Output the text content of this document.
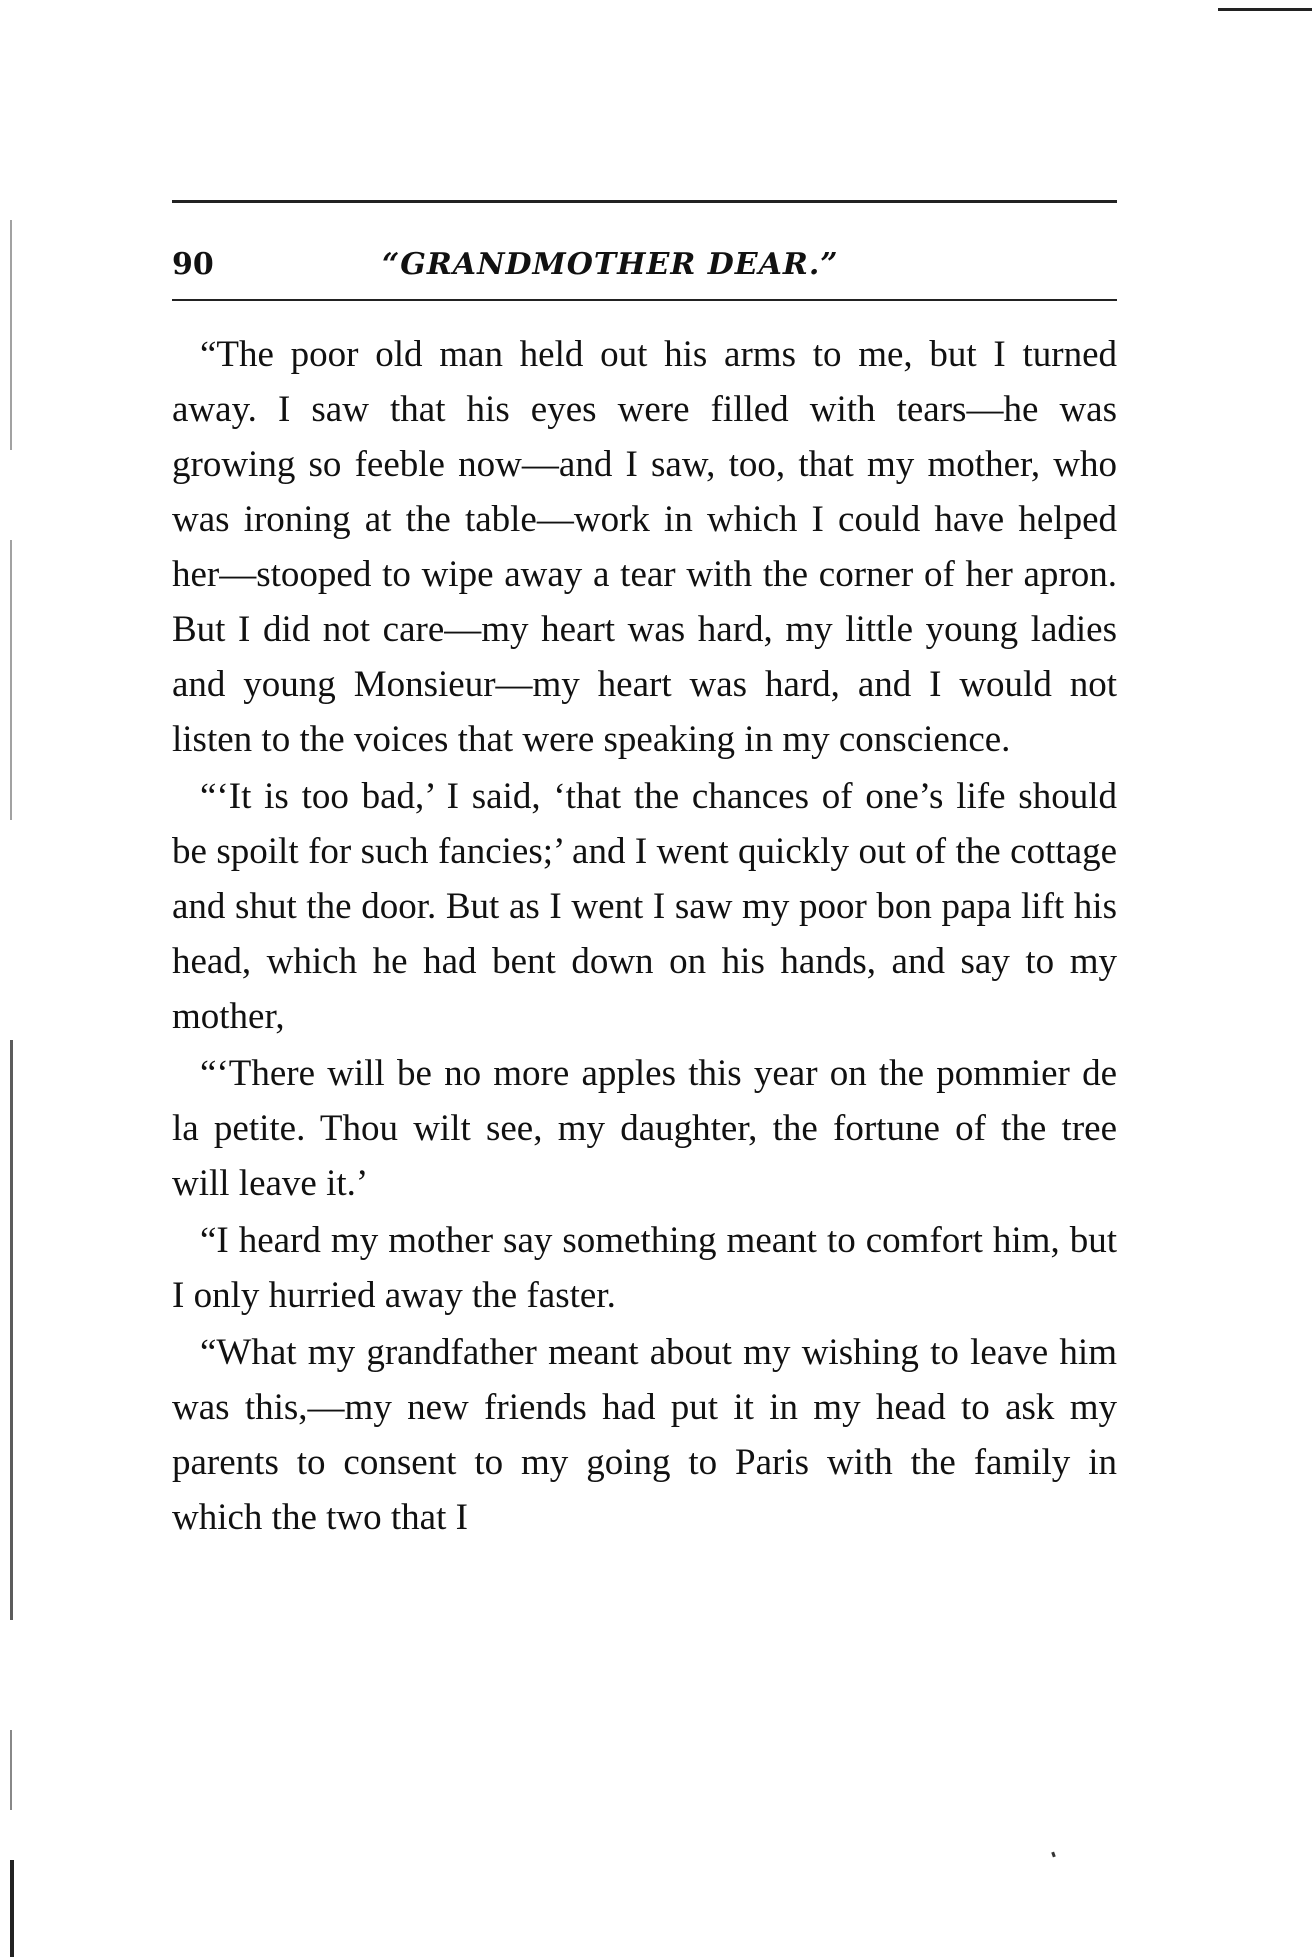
90	“GRANDMOTHER DEAR.”

“The poor old man held out his arms to me, but I turned away. I saw that his eyes were filled with tears—he was growing so feeble now—and I saw, too, that my mother, who was ironing at the table—work in which I could have helped her—stooped to wipe away a tear with the corner of her apron. But I did not care—my heart was hard, my little young ladies and young Monsieur—my heart was hard, and I would not listen to the voices that were speaking in my conscience.

“‘It is too bad,’ I said, ‘that the chances of one’s life should be spoilt for such fancies;’ and I went quickly out of the cottage and shut the door. But as I went I saw my poor bon papa lift his head, which he had bent down on his hands, and say to my mother,

“‘There will be no more apples this year on the pommier de la petite. Thou wilt see, my daughter, the fortune of the tree will leave it.’

“I heard my mother say something meant to comfort him, but I only hurried away the faster.

“What my grandfather meant about my wishing to leave him was this,—my new friends had put it in my head to ask my parents to consent to my going to Paris with the family in which the two that I
